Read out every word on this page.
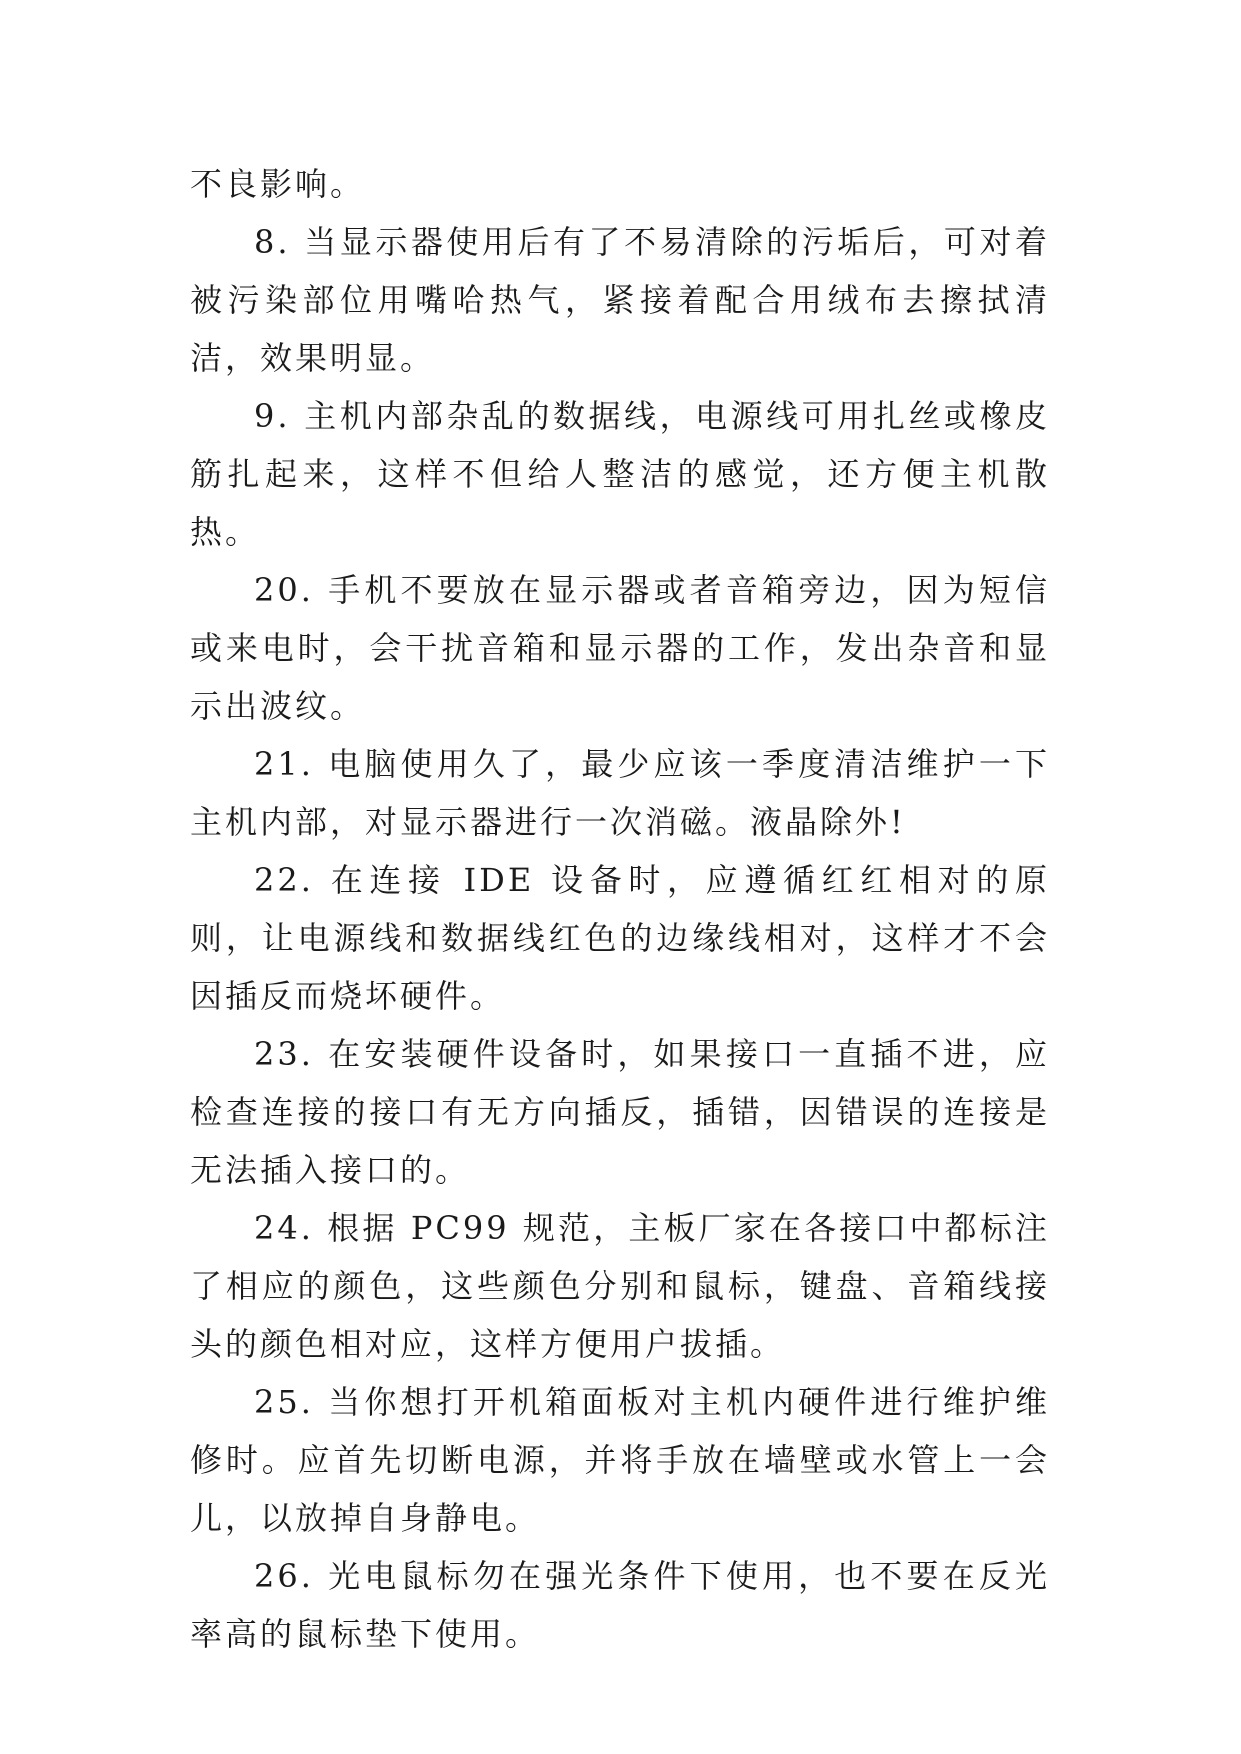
不良影响。

8. 当显示器使用后有了不易清除的污垢后，可对着被污染部位用嘴哈热气，紧接着配合用绒布去擦拭清洁，效果明显。

9. 主机内部杂乱的数据线，电源线可用扎丝或橡皮筋扎起来，这样不但给人整洁的感觉，还方便主机散热。

20. 手机不要放在显示器或者音箱旁边，因为短信或来电时，会干扰音箱和显示器的工作，发出杂音和显示出波纹。

21. 电脑使用久了，最少应该一季度清洁维护一下主机内部，对显示器进行一次消磁。液晶除外!

22. 在连接 IDE 设备时，应遵循红红相对的原则，让电源线和数据线红色的边缘线相对，这样才不会因插反而烧坏硬件。

23. 在安装硬件设备时，如果接口一直插不进，应检查连接的接口有无方向插反，插错，因错误的连接是无法插入接口的。

24. 根据 PC99 规范，主板厂家在各接口中都标注了相应的颜色，这些颜色分别和鼠标，键盘、音箱线接头的颜色相对应，这样方便用户拔插。

25. 当你想打开机箱面板对主机内硬件进行维护维修时。应首先切断电源，并将手放在墙壁或水管上一会儿，以放掉自身静电。

26. 光电鼠标勿在强光条件下使用，也不要在反光率高的鼠标垫下使用。
